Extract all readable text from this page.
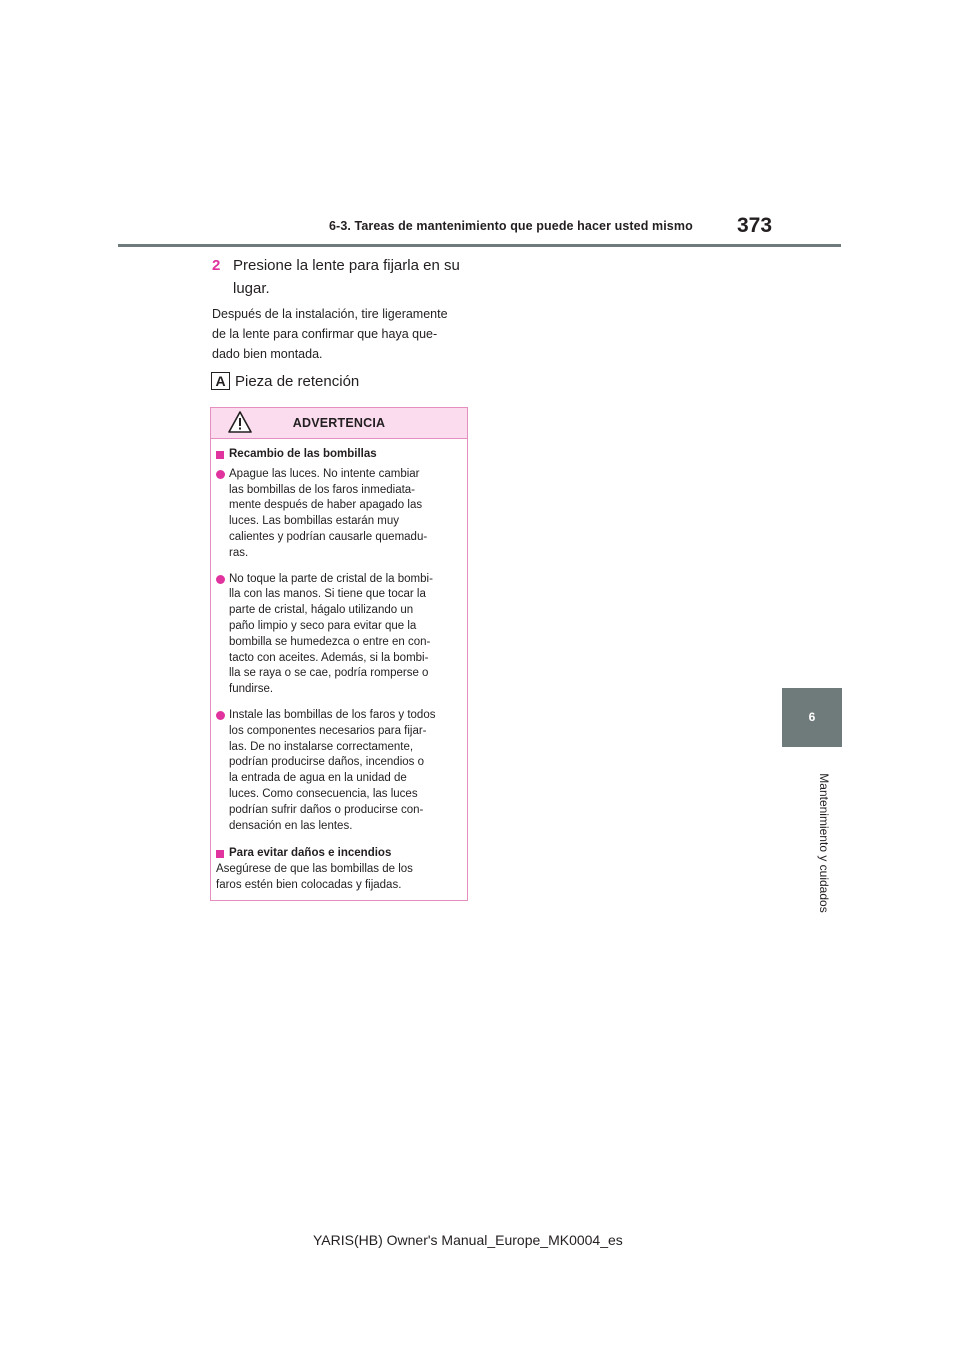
6-3. Tareas de mantenimiento que puede hacer usted mismo 373
6
Mantenimiento y cuidados
2 Presione la lente para fijarla en su lugar.
Después de la instalación, tire ligeramente
de la lente para confirmar que haya que-
dado bien montada.
A Pieza de retención
ADVERTENCIA
Recambio de las bombillas
Apague las luces. No intente cambiar
las bombillas de los faros inmediata-
mente después de haber apagado las
luces. Las bombillas estarán muy
calientes y podrían causarle quemadu-
ras.
No toque la parte de cristal de la bombi-
lla con las manos. Si tiene que tocar la
parte de cristal, hágalo utilizando un
paño limpio y seco para evitar que la
bombilla se humedezca o entre en con-
tacto con aceites. Además, si la bombi-
lla se raya o se cae, podría romperse o
fundirse.
Instale las bombillas de los faros y todos
los componentes necesarios para fijar-
las. De no instalarse correctamente,
podrían producirse daños, incendios o
la entrada de agua en la unidad de
luces. Como consecuencia, las luces
podrían sufrir daños o producirse con-
densación en las lentes.
Para evitar daños e incendios
Asegúrese de que las bombillas de los
faros estén bien colocadas y fijadas.
YARIS(HB) Owner's Manual_Europe_MK0004_es
